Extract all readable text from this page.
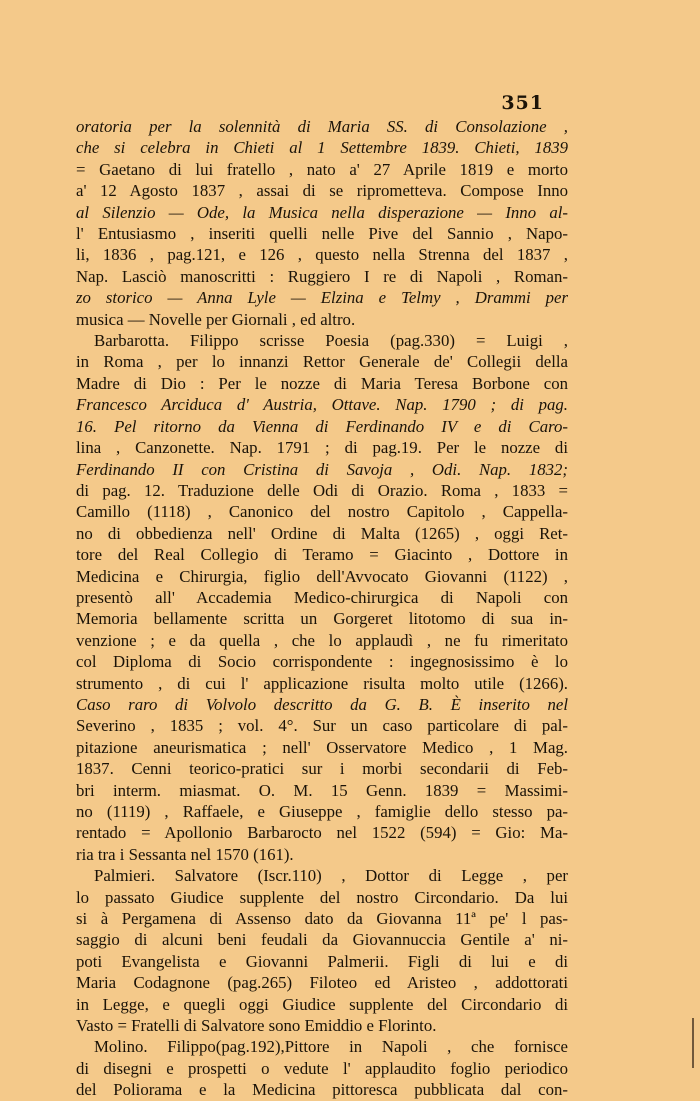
351
oratoria per la solennità di Maria SS. di Consolazione ,
che si celebra in Chieti al 1 Settembre 1839. Chieti, 1839
= Gaetano di lui fratello , nato a' 27 Aprile 1819 e morto
a' 12 Agosto 1837 , assai di se riprometteva. Compose Inno
al Silenzio — Ode, la Musica nella disperazione — Inno al-
l' Entusiasmo , inseriti quelli nelle Pive del Sannio , Napo-
li, 1836 , pag.121, e 126 , questo nella Strenna del 1837 ,
Nap. Lasciò manoscritti : Ruggiero I re di Napoli , Roman-
zo storico — Anna Lyle — Elzina e Telmy , Drammi per
musica — Novelle per Giornali , ed altro.
Barbarotta. Filippo scrisse Poesia (pag.330) = Luigi ,
in Roma , per lo innanzi Rettor Generale de' Collegii della
Madre di Dio : Per le nozze di Maria Teresa Borbone con
Francesco Arciduca d' Austria, Ottave. Nap. 1790 ; di pag.
16. Pel ritorno da Vienna di Ferdinando IV e di Caro-
lina , Canzonette. Nap. 1791 ; di pag.19. Per le nozze di
Ferdinando II con Cristina di Savoja , Odi. Nap. 1832;
di pag. 12. Traduzione delle Odi di Orazio. Roma , 1833 =
Camillo (1118) , Canonico del nostro Capitolo , Cappella-
no di obbedienza nell' Ordine di Malta (1265) , oggi Ret-
tore del Real Collegio di Teramo = Giacinto , Dottore in
Medicina e Chirurgia, figlio dell'Avvocato Giovanni (1122) ,
presentò all' Accademia Medico-chirurgica di Napoli con
Memoria bellamente scritta un Gorgeret litotomo di sua in-
venzione ; e da quella , che lo applaudì , ne fu rimeritato
col Diploma di Socio corrispondente : ingegnosissimo è lo
strumento , di cui l' applicazione risulta molto utile (1266).
Caso raro di Volvolo descritto da G. B. È inserito nel
Severino , 1835 ; vol. 4°. Sur un caso particolare di pal-
pitazione aneurismatica ; nell' Osservatore Medico , 1 Mag.
1837. Cenni teorico-pratici sur i morbi secondarii di Feb-
bri interm. miasmat. O. M. 15 Genn. 1839 = Massimi-
no (1119) , Raffaele, e Giuseppe , famiglie dello stesso pa-
rentado = Apollonio Barbarocto nel 1522 (594) = Gio: Ma-
ria tra i Sessanta nel 1570 (161).
Palmieri. Salvatore (Iscr.110) , Dottor di Legge , per
lo passato Giudice supplente del nostro Circondario. Da lui
si à Pergamena di Assenso dato da Giovanna 11ª pe' l pas-
saggio di alcuni beni feudali da Giovannuccia Gentile a' ni-
poti Evangelista e Giovanni Palmerii. Figli di lui e di
Maria Codagnone (pag.265) Filoteo ed Aristeo , addottorati
in Legge, e quegli oggi Giudice supplente del Circondario di
Vasto = Fratelli di Salvatore sono Emiddio e Florinto.
Molino. Filippo(pag.192),Pittore in Napoli , che fornisce
di disegni e prospetti o vedute l' applaudito foglio periodico
del Poliorama e la Medicina pittoresca pubblicata dal con-
